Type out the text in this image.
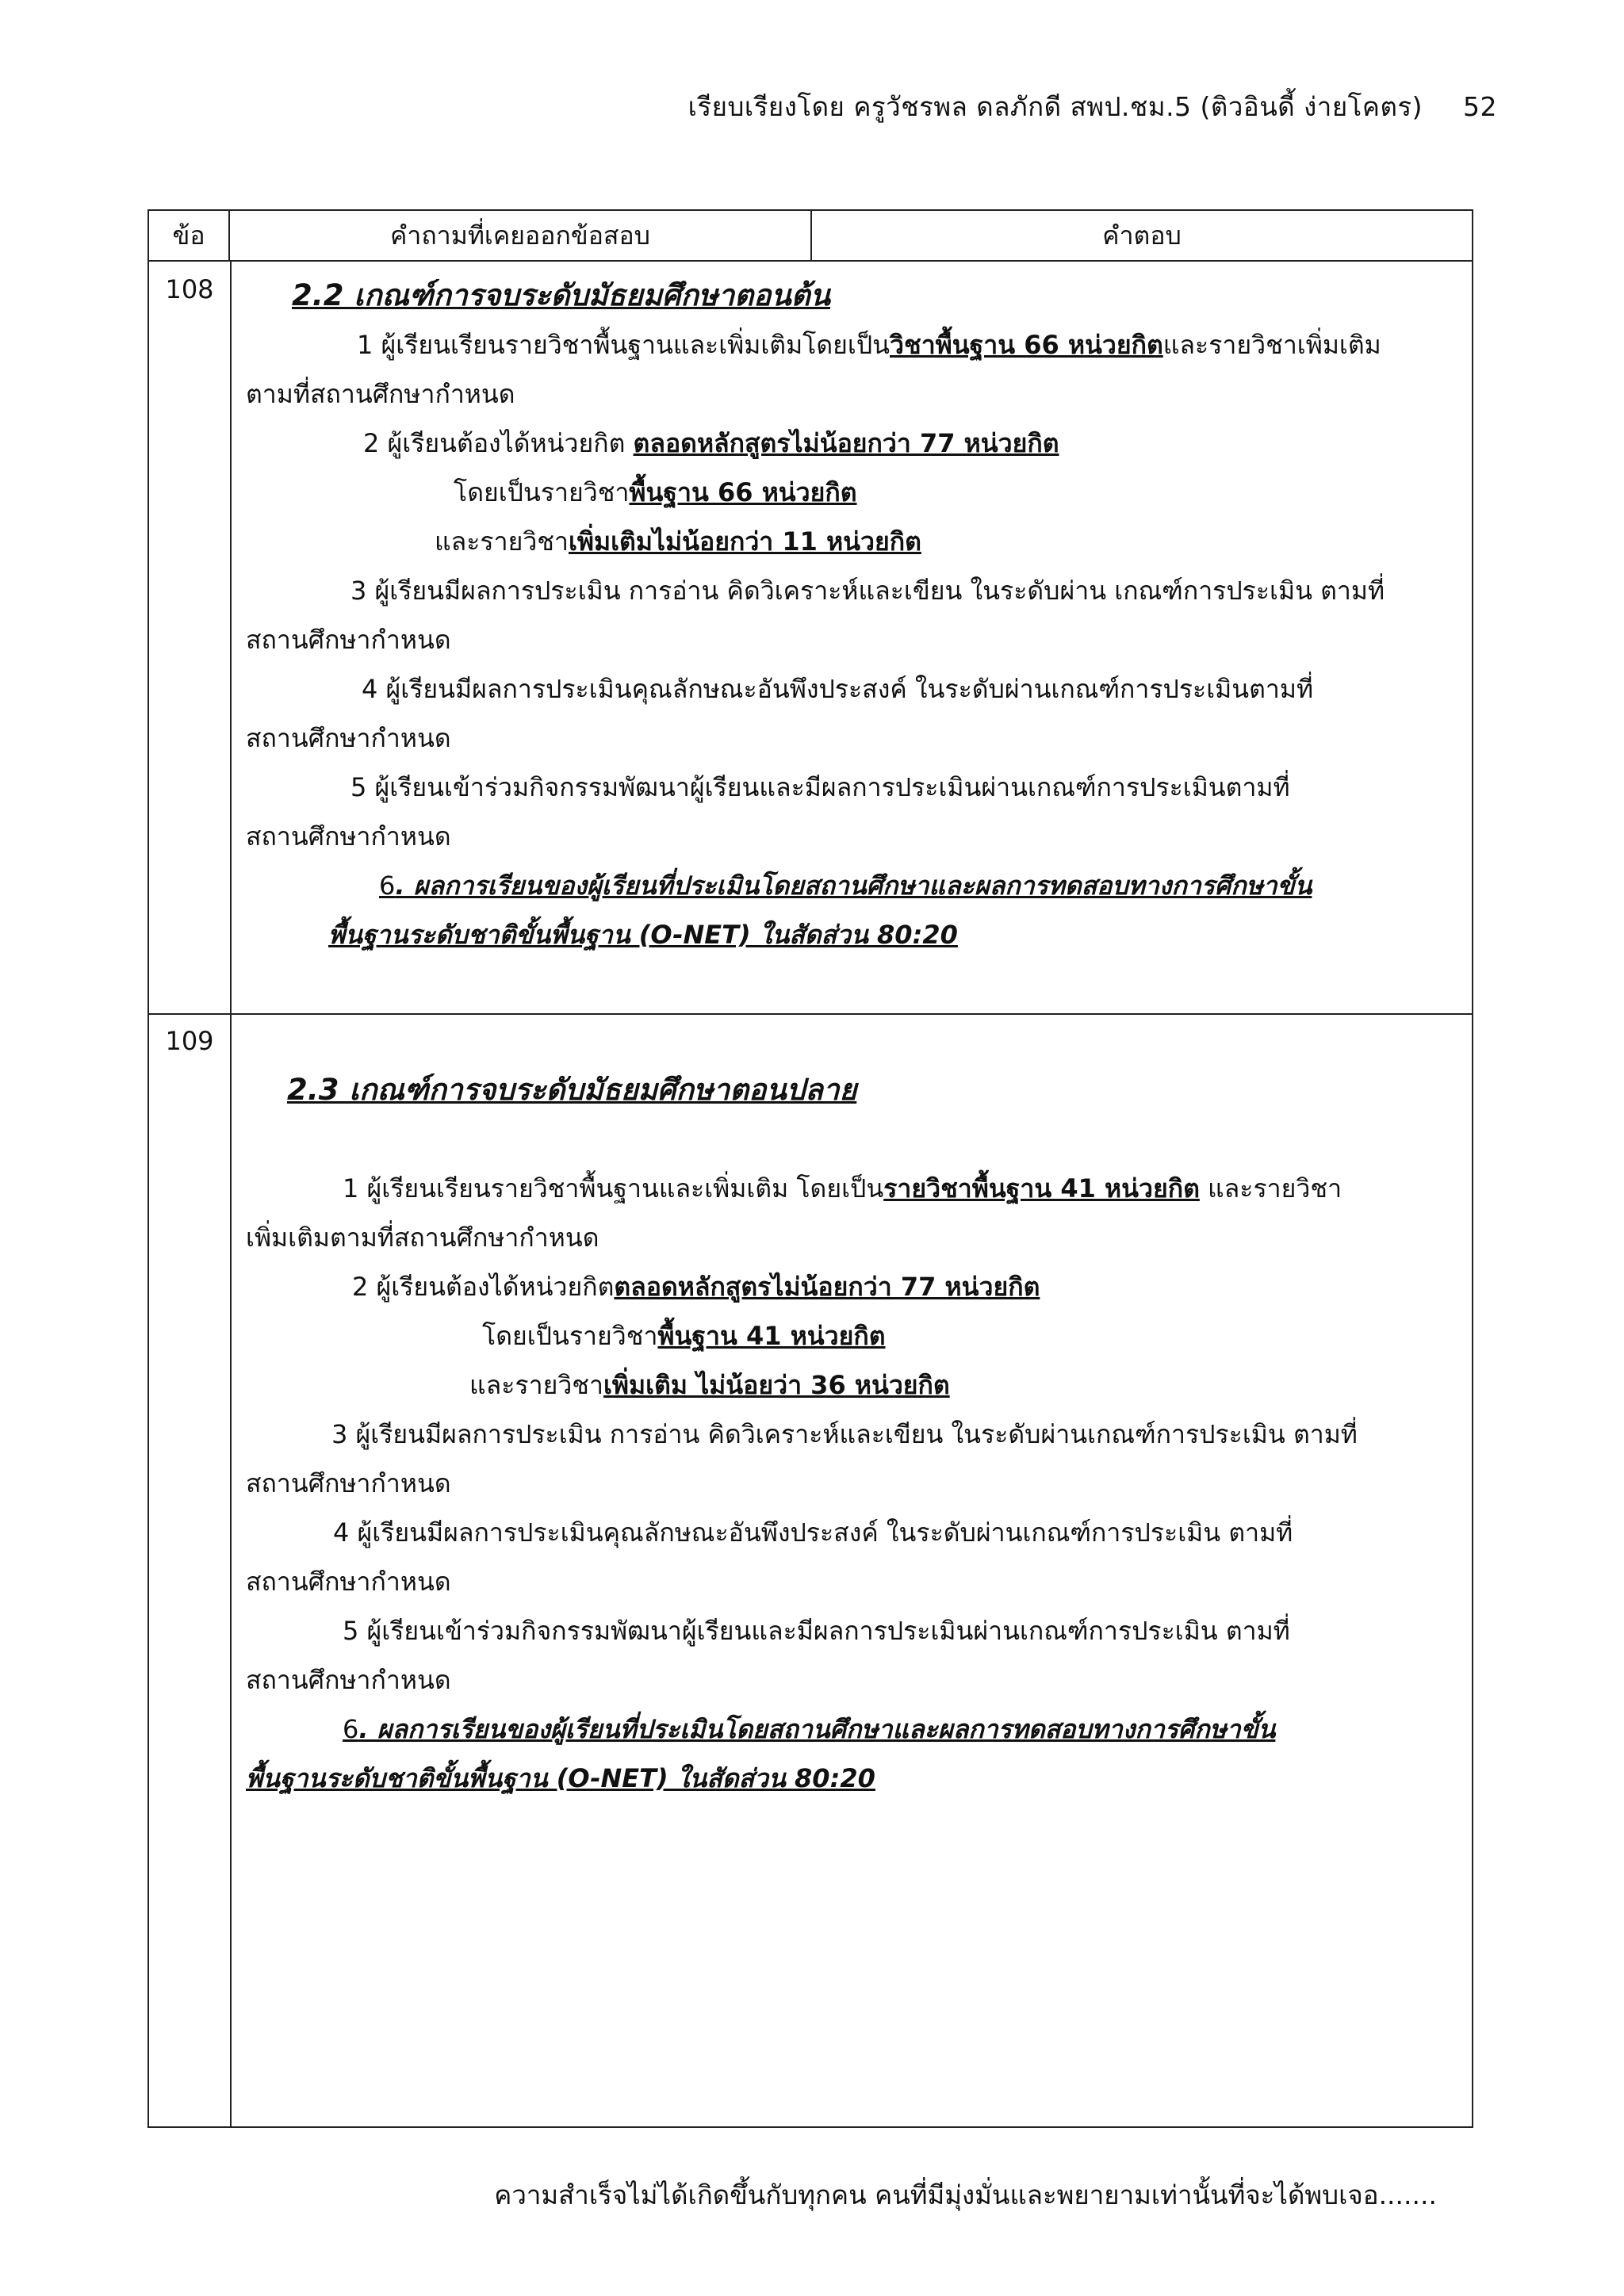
เรียบเรียงโดย ครูวัชรพล ดลภักดี สพป.ชม.5 (ติวอินดี้ ง่ายโคตร) 52
ข้อ	คำถามที่เคยออกข้อสอบ	คำตอบ
108	2.2 เกณฑ์การจบระดับมัธยมศึกษาตอนต้น
1 ผู้เรียนเรียนรายวิชาพื้นฐานและเพิ่มเติมโดยเป็นวิชาพื้นฐาน 66 หน่วยกิตและรายวิชาเพิ่มเติม
ตามที่สถานศึกษากำหนด
2 ผู้เรียนต้องได้หน่วยกิต ตลอดหลักสูตรไม่น้อยกว่า 77 หน่วยกิต
โดยเป็นรายวิชาพื้นฐาน 66 หน่วยกิต
และรายวิชาเพิ่มเติมไม่น้อยกว่า 11 หน่วยกิต
3 ผู้เรียนมีผลการประเมิน การอ่าน คิดวิเคราะห์และเขียน ในระดับผ่าน เกณฑ์การประเมิน ตามที่
สถานศึกษากำหนด
4 ผู้เรียนมีผลการประเมินคุณลักษณะอันพึงประสงค์ ในระดับผ่านเกณฑ์การประเมินตามที่
สถานศึกษากำหนด
5 ผู้เรียนเข้าร่วมกิจกรรมพัฒนาผู้เรียนและมีผลการประเมินผ่านเกณฑ์การประเมินตามที่
สถานศึกษากำหนด
6. ผลการเรียนของผู้เรียนที่ประเมินโดยสถานศึกษาและผลการทดสอบทางการศึกษาขั้น
พื้นฐานระดับชาติขั้นพื้นฐาน (O-NET) ในสัดส่วน 80:20
109
2.3 เกณฑ์การจบระดับมัธยมศึกษาตอนปลาย
1 ผู้เรียนเรียนรายวิชาพื้นฐานและเพิ่มเติม โดยเป็นรายวิชาพื้นฐาน 41 หน่วยกิต และรายวิชา
เพิ่มเติมตามที่สถานศึกษากำหนด
2 ผู้เรียนต้องได้หน่วยกิตตลอดหลักสูตรไม่น้อยกว่า 77 หน่วยกิต
โดยเป็นรายวิชาพื้นฐาน 41 หน่วยกิต
และรายวิชาเพิ่มเติม ไม่น้อยว่า 36 หน่วยกิต
3 ผู้เรียนมีผลการประเมิน การอ่าน คิดวิเคราะห์และเขียน ในระดับผ่านเกณฑ์การประเมิน ตามที่
สถานศึกษากำหนด
4 ผู้เรียนมีผลการประเมินคุณลักษณะอันพึงประสงค์ ในระดับผ่านเกณฑ์การประเมิน ตามที่
สถานศึกษากำหนด
5 ผู้เรียนเข้าร่วมกิจกรรมพัฒนาผู้เรียนและมีผลการประเมินผ่านเกณฑ์การประเมิน ตามที่
สถานศึกษากำหนด
6. ผลการเรียนของผู้เรียนที่ประเมินโดยสถานศึกษาและผลการทดสอบทางการศึกษาขั้น
พื้นฐานระดับชาติขั้นพื้นฐาน (O-NET) ในสัดส่วน 80:20
ความสำเร็จไม่ได้เกิดขึ้นกับทุกคน คนที่มีมุ่งมั่นและพยายามเท่านั้นที่จะได้พบเจอ.......
